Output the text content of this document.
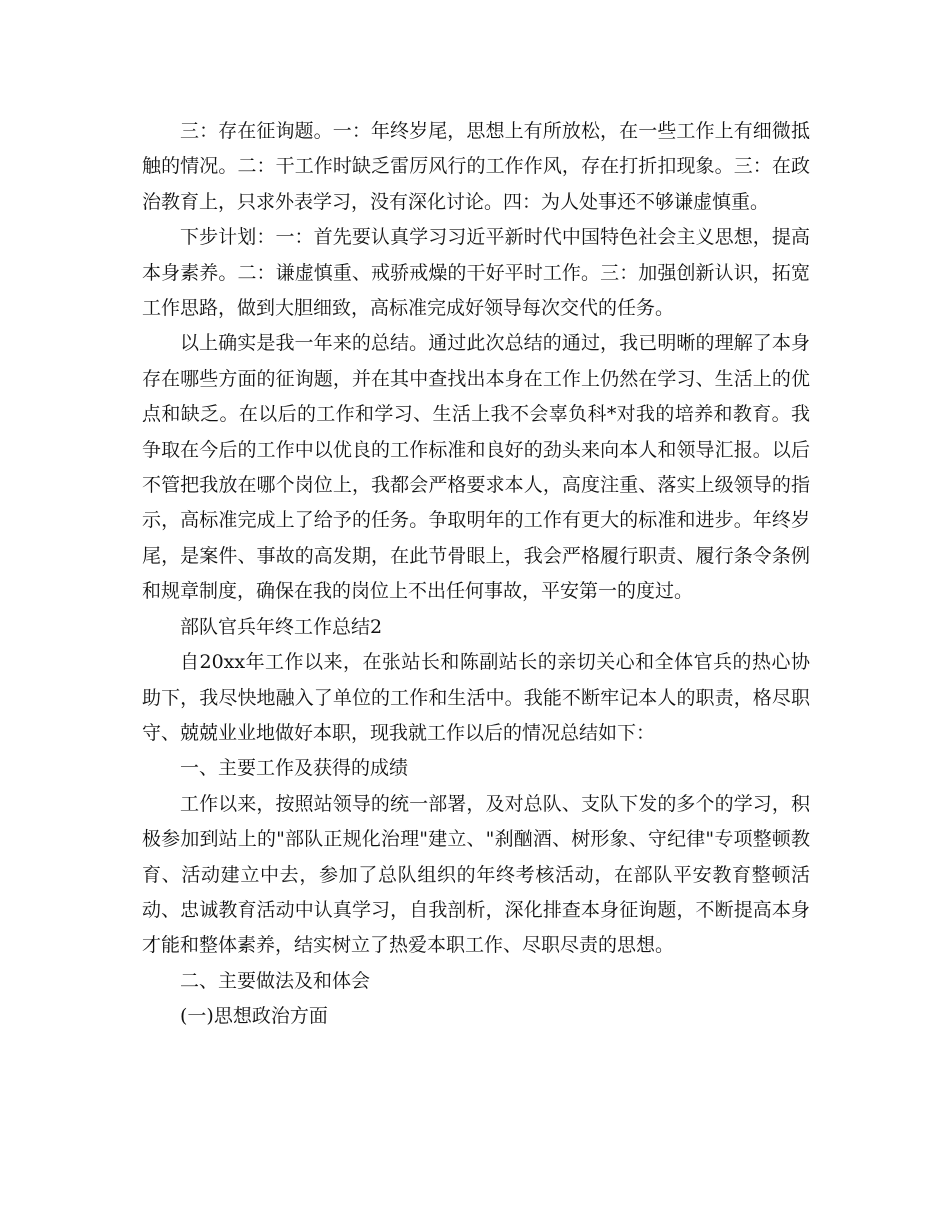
三：存在征询题。一：年终岁尾，思想上有所放松，在一些工作上有细微抵触的情况。二：干工作时缺乏雷厉风行的工作作风，存在打折扣现象。三：在政治教育上，只求外表学习，没有深化讨论。四：为人处事还不够谦虚慎重。

下步计划：一：首先要认真学习习近平新时代中国特色社会主义思想，提高本身素养。二：谦虚慎重、戒骄戒燥的干好平时工作。三：加强创新认识，拓宽工作思路，做到大胆细致，高标准完成好领导每次交代的任务。

以上确实是我一年来的总结。通过此次总结的通过，我已明晰的理解了本身存在哪些方面的征询题，并在其中查找出本身在工作上仍然在学习、生活上的优点和缺乏。在以后的工作和学习、生活上我不会辜负科*对我的培养和教育。我争取在今后的工作中以优良的工作标准和良好的劲头来向本人和领导汇报。以后不管把我放在哪个岗位上，我都会严格要求本人，高度注重、落实上级领导的指示，高标准完成上了给予的任务。争取明年的工作有更大的标准和进步。年终岁尾，是案件、事故的高发期，在此节骨眼上，我会严格履行职责、履行条令条例和规章制度，确保在我的岗位上不出任何事故，平安第一的度过。

部队官兵年终工作总结2

自20xx年工作以来，在张站长和陈副站长的亲切关心和全体官兵的热心协助下，我尽快地融入了单位的工作和生活中。我能不断牢记本人的职责，格尽职守、兢兢业业地做好本职，现我就工作以后的情况总结如下：

一、主要工作及获得的成绩

工作以来，按照站领导的统一部署，及对总队、支队下发的多个的学习，积极参加到站上的"部队正规化治理"建立、"刹酗酒、树形象、守纪律"专项整顿教育、活动建立中去，参加了总队组织的年终考核活动，在部队平安教育整顿活动、忠诚教育活动中认真学习，自我剖析，深化排查本身征询题，不断提高本身才能和整体素养，结实树立了热爱本职工作、尽职尽责的思想。

二、主要做法及和体会

(一)思想政治方面
